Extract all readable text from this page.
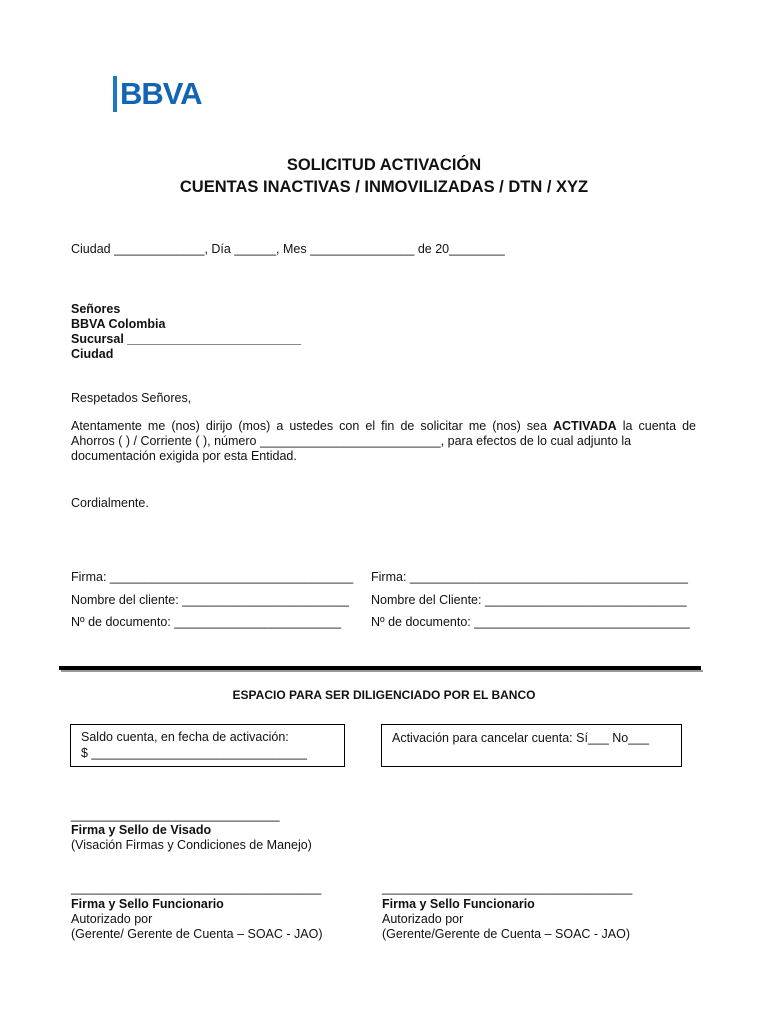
BBVA
SOLICITUD ACTIVACIÓN
CUENTAS INACTIVAS / INMOVILIZADAS / DTN / XYZ
Ciudad _____________, Día ______, Mes _______________ de 20________
Señores
BBVA Colombia
Sucursal _________________________
Ciudad
Respetados Señores,
Atentamente me (nos) dirijo (mos) a ustedes con el fin de solicitar me (nos) sea ACTIVADA la cuenta de Ahorros ( ) / Corriente ( ), número __________________________, para efectos de lo cual adjunto la
documentación exigida por esta Entidad.
Cordialmente.
Firma: ___________________________________
Nombre del cliente: ________________________
Nº de documento: ________________________
Firma: ________________________________________
Nombre del Cliente: _____________________________
Nº de documento: _______________________________
ESPACIO PARA SER DILIGENCIADO POR EL BANCO
Saldo cuenta, en fecha de activación:
$ _______________________________
Activación para cancelar cuenta: Sí___ No___
______________________________
Firma y Sello de Visado
(Visación Firmas y Condiciones de Manejo)
____________________________________
Firma y Sello Funcionario
Autorizado por
(Gerente/ Gerente de Cuenta – SOAC - JAO)
____________________________________
Firma y Sello Funcionario
Autorizado por
(Gerente/Gerente de Cuenta – SOAC - JAO)
